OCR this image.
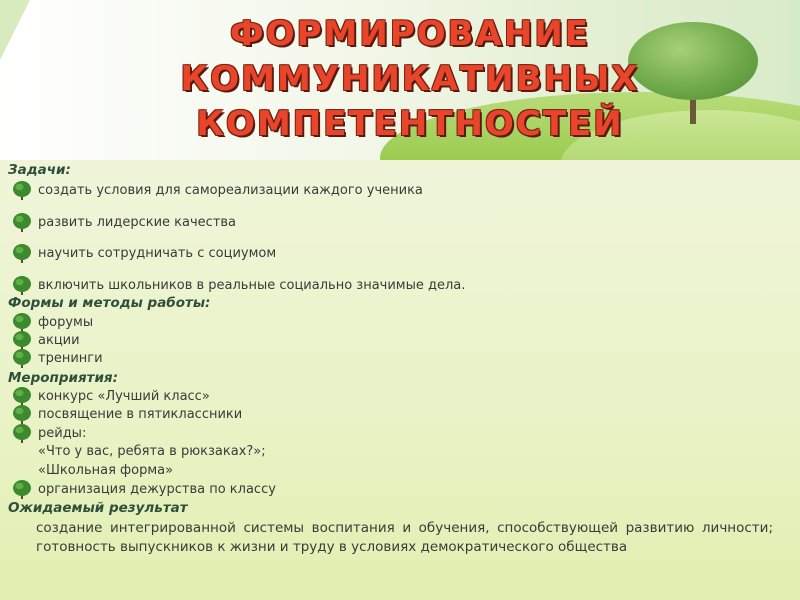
ФОРМИРОВАНИЕ
КОММУНИКАТИВНЫХ
КОМПЕТЕНТНОСТЕЙ
Задачи:
создать условия для самореализации каждого ученика
развить лидерские качества
научить сотрудничать с социумом
включить школьников в реальные социально значимые дела.
Формы и методы работы:
форумы
акции
тренинги
Мероприятия:
конкурс «Лучший класс»
посвящение в пятиклассники
рейды:
«Что у вас, ребята в рюкзаках?»;
«Школьная форма»
организация дежурства по классу
Ожидаемый результат
создание интегрированной системы воспитания и обучения, способствующей развитию личности; готовность выпускников к жизни и труду в условиях демократического общества
